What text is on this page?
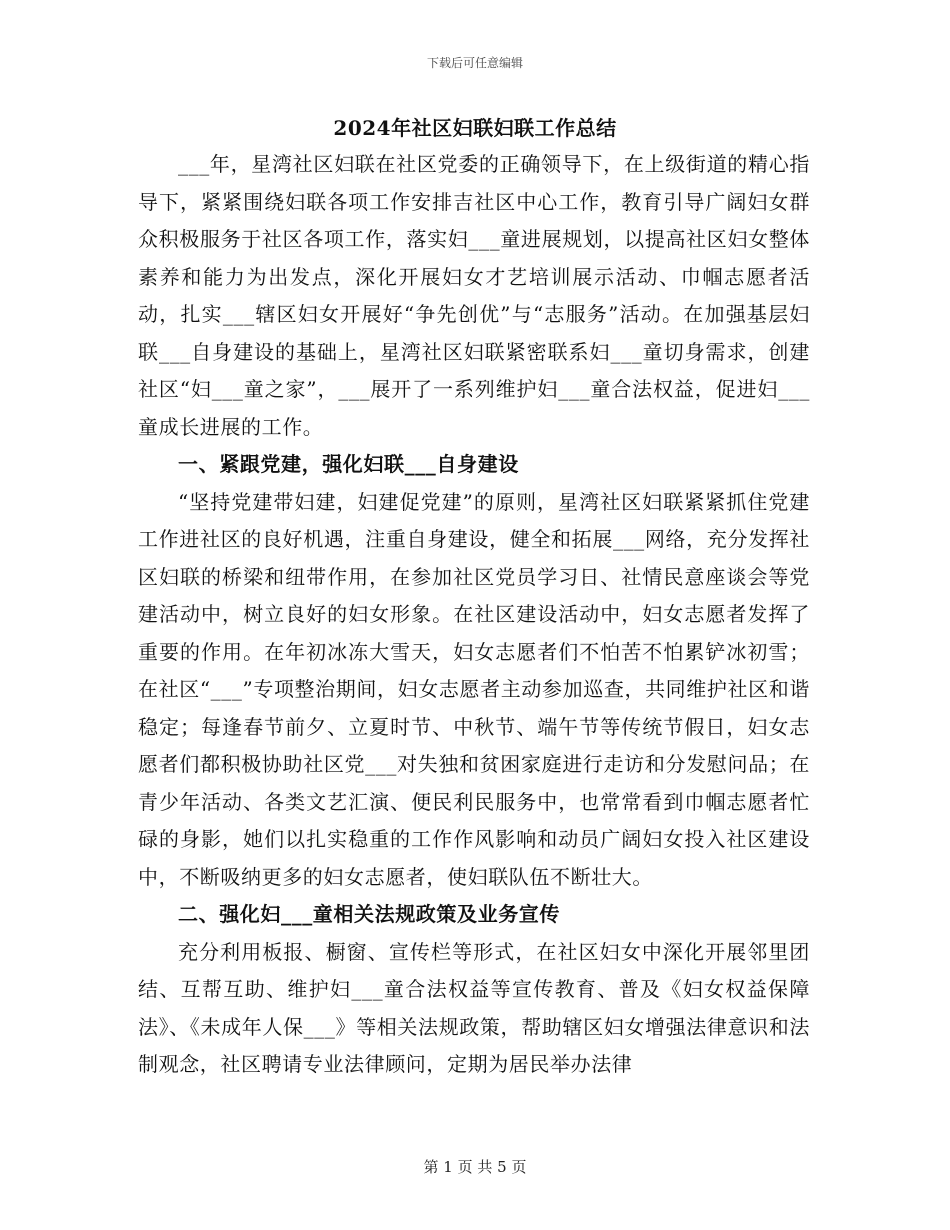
下载后可任意编辑
2024年社区妇联妇联工作总结

___年，星湾社区妇联在社区党委的正确领导下，在上级街道的精心指导下，紧紧围绕妇联各项工作安排吉社区中心工作，教育引导广阔妇女群众积极服务于社区各项工作，落实妇___童进展规划，以提高社区妇女整体素养和能力为出发点，深化开展妇女才艺培训展示活动、巾帼志愿者活动，扎实___辖区妇女开展好“争先创优”与“志服务”活动。在加强基层妇联___自身建设的基础上，星湾社区妇联紧密联系妇___童切身需求，创建社区“妇___童之家”，___展开了一系列维护妇___童合法权益，促进妇___童成长进展的工作。

一、紧跟党建，强化妇联___自身建设

“坚持党建带妇建，妇建促党建”的原则，星湾社区妇联紧紧抓住党建工作进社区的良好机遇，注重自身建设，健全和拓展___网络，充分发挥社区妇联的桥梁和纽带作用，在参加社区党员学习日、社情民意座谈会等党建活动中，树立良好的妇女形象。在社区建设活动中，妇女志愿者发挥了重要的作用。在年初冰冻大雪天，妇女志愿者们不怕苦不怕累铲冰初雪；在社区“___”专项整治期间，妇女志愿者主动参加巡查，共同维护社区和谐稳定；每逢春节前夕、立夏时节、中秋节、端午节等传统节假日，妇女志愿者们都积极协助社区党___对失独和贫困家庭进行走访和分发慰问品；在青少年活动、各类文艺汇演、便民利民服务中，也常常看到巾帼志愿者忙碌的身影，她们以扎实稳重的工作作风影响和动员广阔妇女投入社区建设中，不断吸纳更多的妇女志愿者，使妇联队伍不断壮大。

二、强化妇___童相关法规政策及业务宣传

充分利用板报、橱窗、宣传栏等形式，在社区妇女中深化开展邻里团结、互帮互助、维护妇___童合法权益等宣传教育、普及《妇女权益保障法》、《未成年人保___》等相关法规政策，帮助辖区妇女增强法律意识和法制观念，社区聘请专业法律顾问，定期为居民举办法律

第 1 页 共 5 页
